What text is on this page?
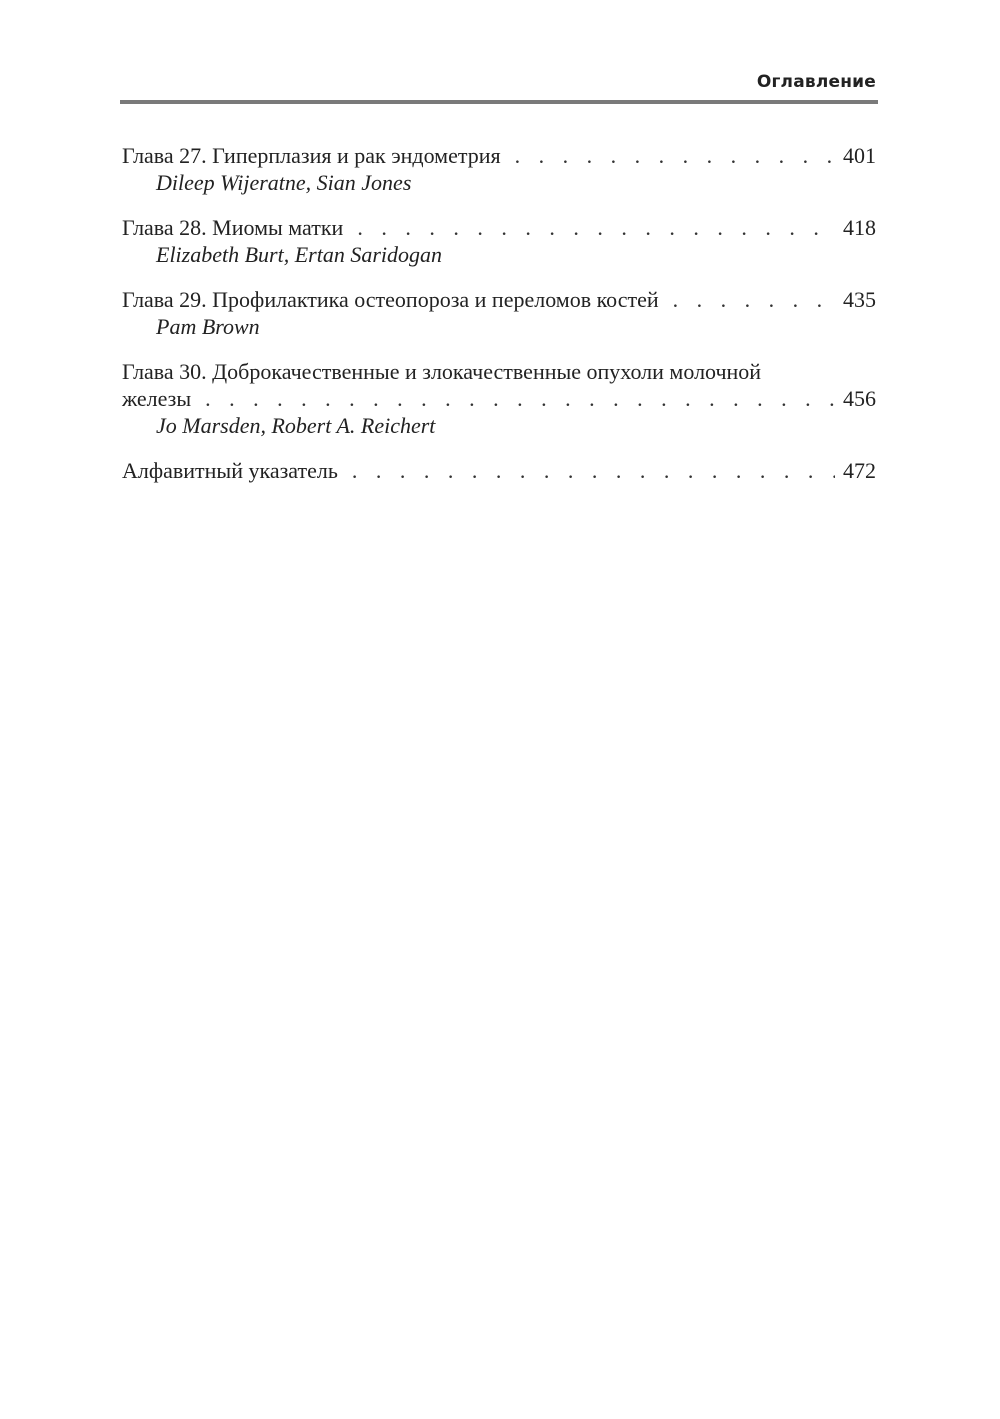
Оглавление
Глава 27. Гиперплазия и рак эндометрия . . .	401
Dileep Wijeratne, Sian Jones
Глава 28. Миомы матки . . .	418
Elizabeth Burt, Ertan Saridogan
Глава 29. Профилактика остеопороза и переломов костей . . .	435
Pam Brown
Глава 30. Доброкачественные и злокачественные опухоли молочной
железы . . .	456
Jo Marsden, Robert A. Reichert
Алфавитный указатель . . .	472
